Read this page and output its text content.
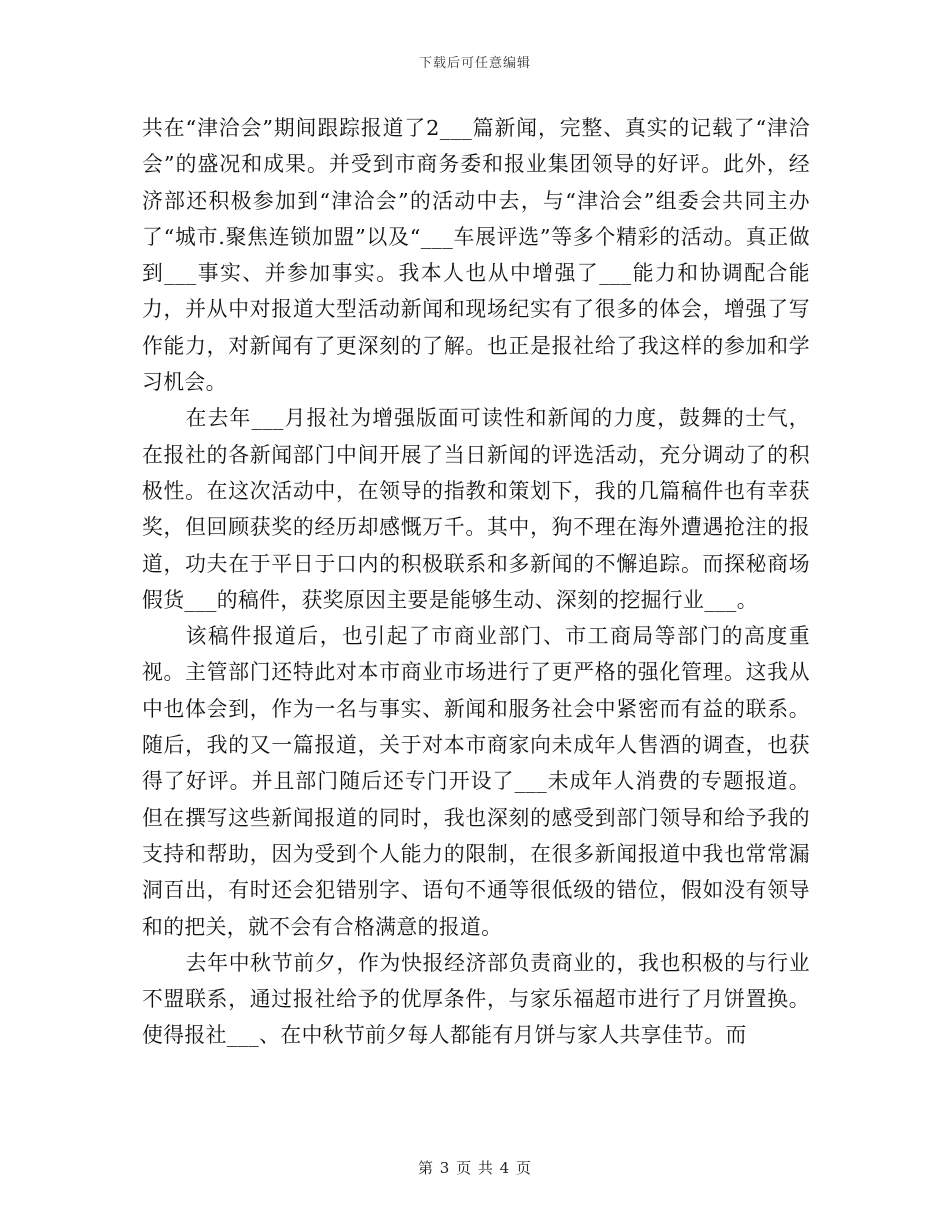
下载后可任意编辑

共在“津洽会”期间跟踪报道了2___篇新闻，完整、真实的记载了“津洽会”的盛况和成果。并受到市商务委和报业集团领导的好评。此外，经济部还积极参加到“津洽会”的活动中去，与“津洽会”组委会共同主办了“城市.聚焦连锁加盟”以及“___车展评选”等多个精彩的活动。真正做到___事实、并参加事实。我本人也从中增强了___能力和协调配合能力，并从中对报道大型活动新闻和现场纪实有了很多的体会，增强了写作能力，对新闻有了更深刻的了解。也正是报社给了我这样的参加和学习机会。

在去年___月报社为增强版面可读性和新闻的力度，鼓舞的士气，在报社的各新闻部门中间开展了当日新闻的评选活动，充分调动了的积极性。在这次活动中，在领导的指教和策划下，我的几篇稿件也有幸获奖，但回顾获奖的经历却感慨万千。其中，狗不理在海外遭遇抢注的报道，功夫在于平日于口内的积极联系和多新闻的不懈追踪。而探秘商场假货___的稿件，获奖原因主要是能够生动、深刻的挖掘行业___。

该稿件报道后，也引起了市商业部门、市工商局等部门的高度重视。主管部门还特此对本市商业市场进行了更严格的强化管理。这我从中也体会到，作为一名与事实、新闻和服务社会中紧密而有益的联系。随后，我的又一篇报道，关于对本市商家向未成年人售酒的调查，也获得了好评。并且部门随后还专门开设了___未成年人消费的专题报道。但在撰写这些新闻报道的同时，我也深刻的感受到部门领导和给予我的支持和帮助，因为受到个人能力的限制，在很多新闻报道中我也常常漏洞百出，有时还会犯错别字、语句不通等很低级的错位，假如没有领导和的把关，就不会有合格满意的报道。

去年中秋节前夕，作为快报经济部负责商业的，我也积极的与行业不盟联系，通过报社给予的优厚条件，与家乐福超市进行了月饼置换。使得报社___、在中秋节前夕每人都能有月饼与家人共享佳节。而

第 3 页 共 4 页
